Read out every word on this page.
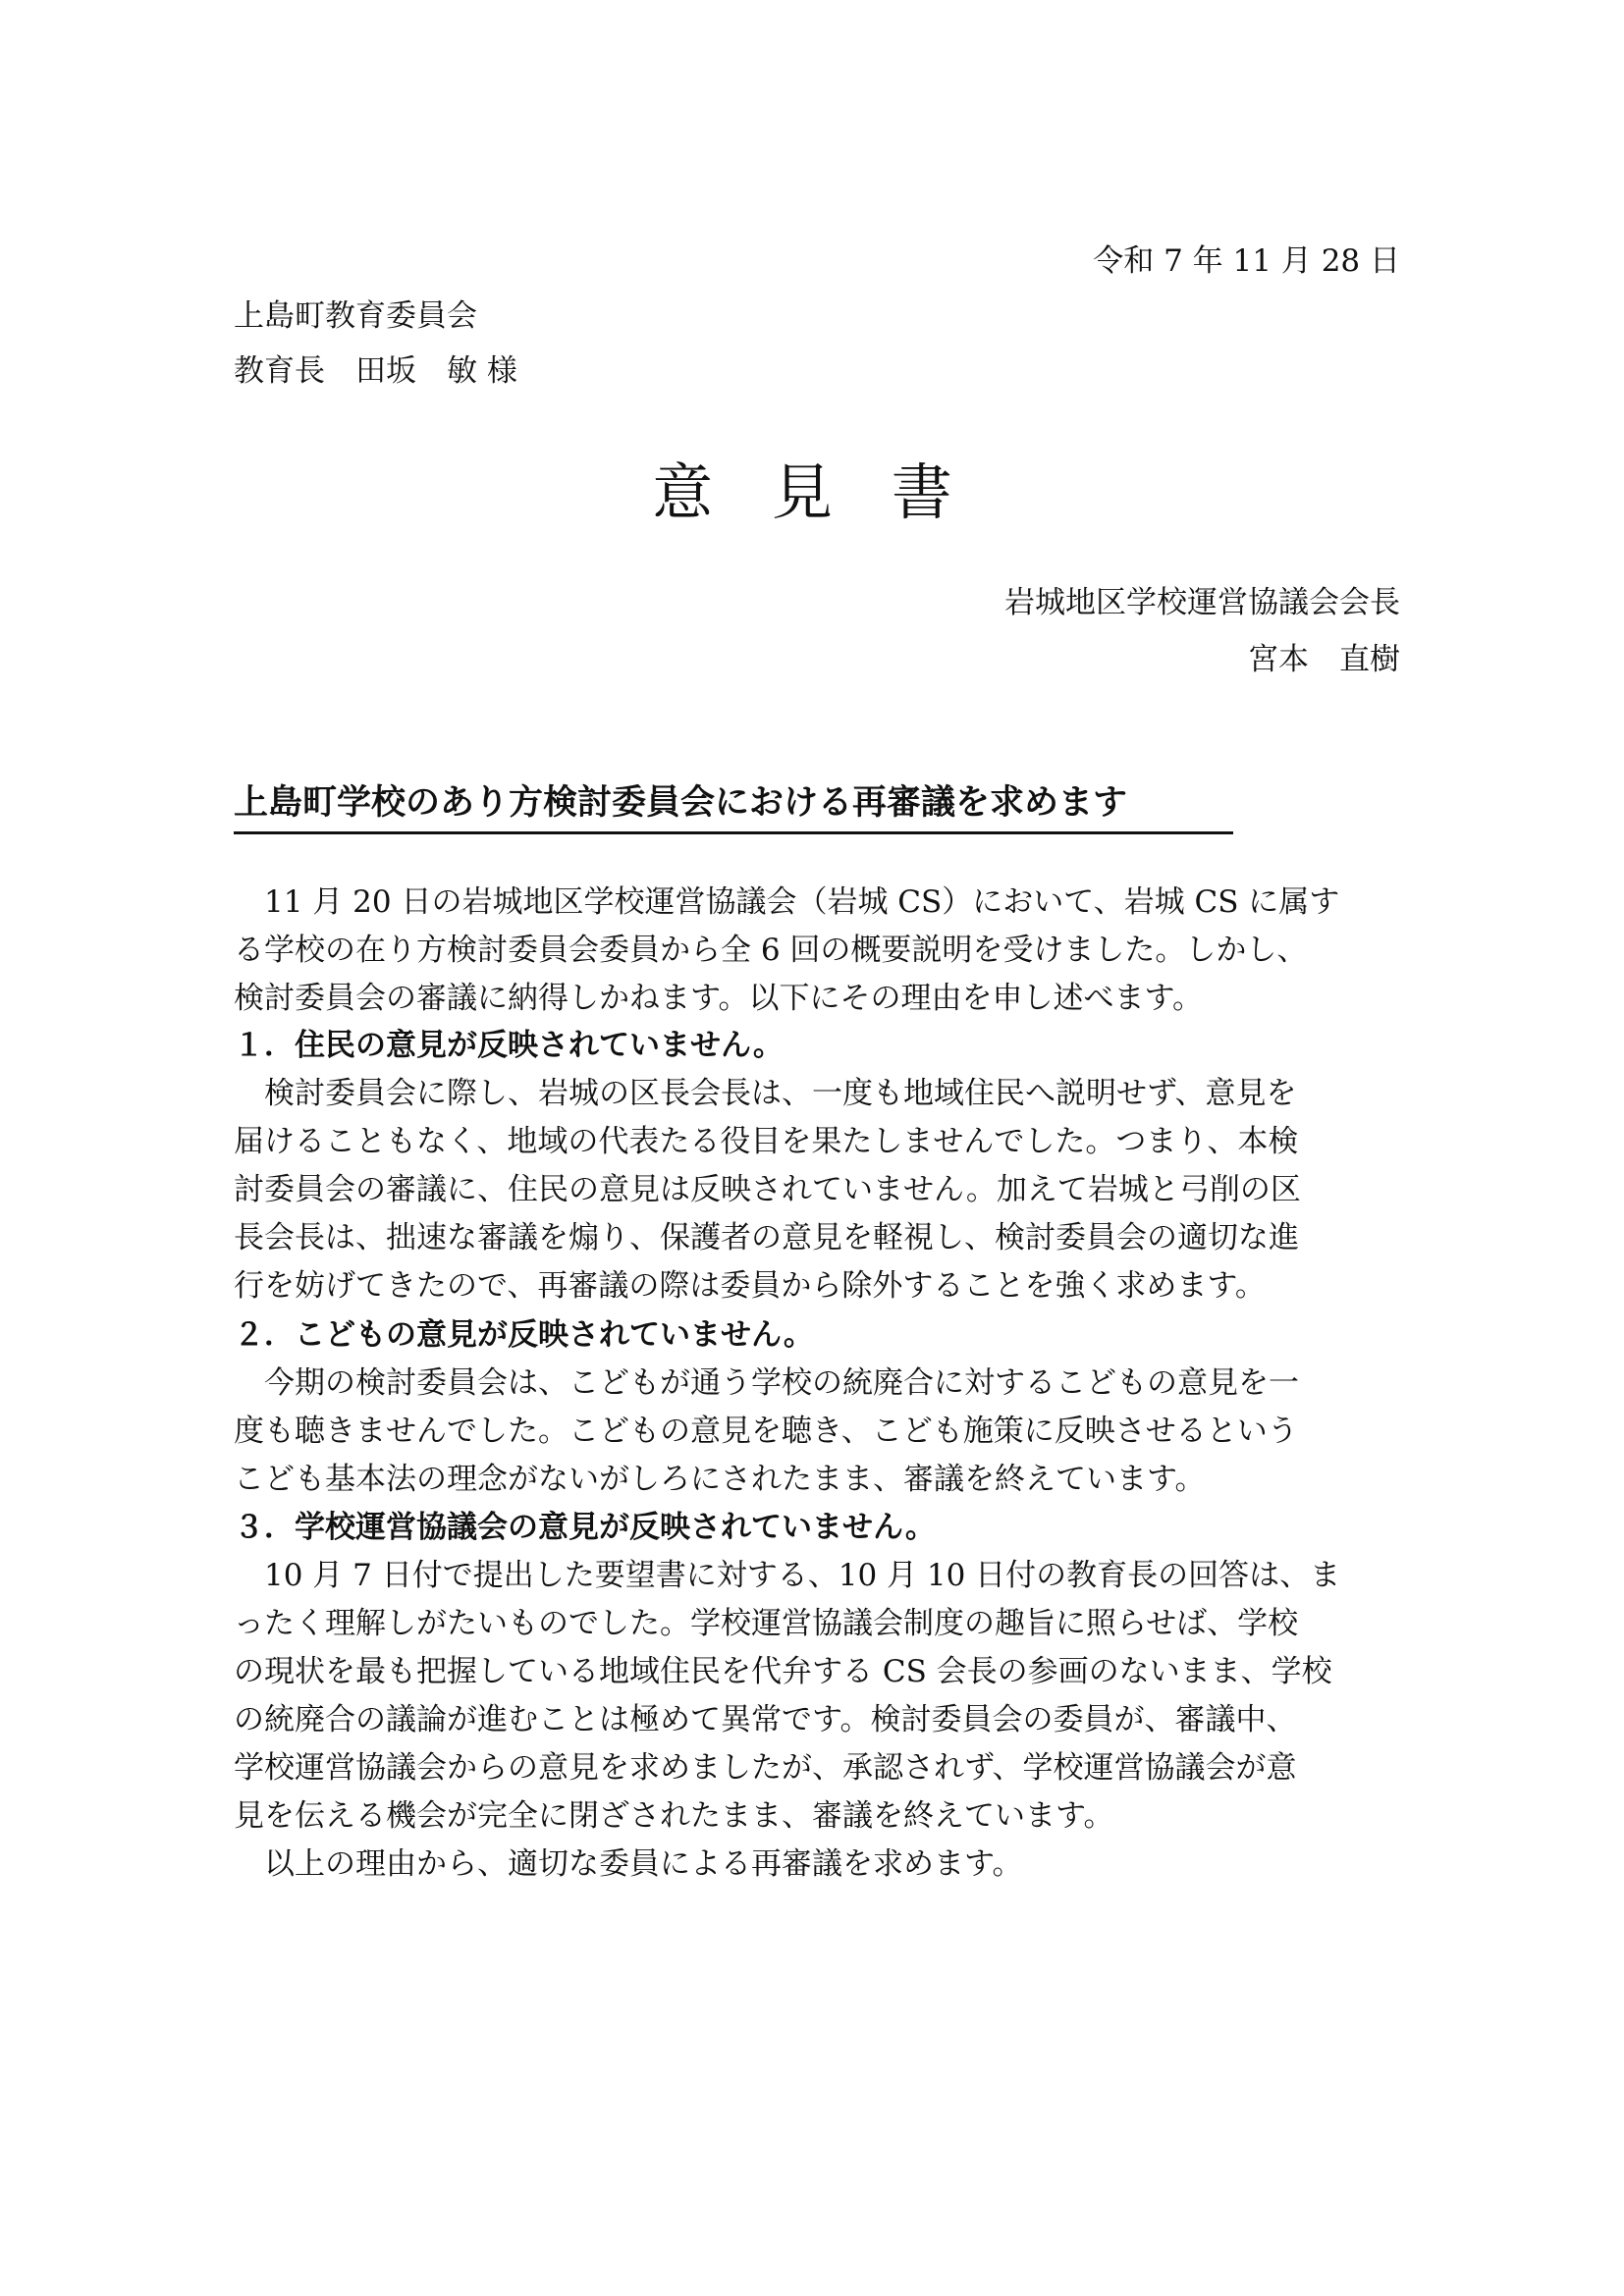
令和 7 年 11 月 28 日
上島町教育委員会
教育長　田坂　敏 様
意 見 書
岩城地区学校運営協議会会長
宮本　直樹
上島町学校のあり方検討委員会における再審議を求めます
　11 月 20 日の岩城地区学校運営協議会（岩城 CS）において、岩城 CS に属す
る学校の在り方検討委員会委員から全 6 回の概要説明を受けました。しかし、
検討委員会の審議に納得しかねます。以下にその理由を申し述べます。
１．住民の意見が反映されていません。
　検討委員会に際し、岩城の区長会長は、一度も地域住民へ説明せず、意見を
届けることもなく、地域の代表たる役目を果たしませんでした。つまり、本検
討委員会の審議に、住民の意見は反映されていません。加えて岩城と弓削の区
長会長は、拙速な審議を煽り、保護者の意見を軽視し、検討委員会の適切な進
行を妨げてきたので、再審議の際は委員から除外することを強く求めます。
２．こどもの意見が反映されていません。
　今期の検討委員会は、こどもが通う学校の統廃合に対するこどもの意見を一
度も聴きませんでした。こどもの意見を聴き、こども施策に反映させるという
こども基本法の理念がないがしろにされたまま、審議を終えています。
３．学校運営協議会の意見が反映されていません。
　10 月 7 日付で提出した要望書に対する、10 月 10 日付の教育長の回答は、ま
ったく理解しがたいものでした。学校運営協議会制度の趣旨に照らせば、学校
の現状を最も把握している地域住民を代弁する CS 会長の参画のないまま、学校
の統廃合の議論が進むことは極めて異常です。検討委員会の委員が、審議中、
学校運営協議会からの意見を求めましたが、承認されず、学校運営協議会が意
見を伝える機会が完全に閉ざされたまま、審議を終えています。
　以上の理由から、適切な委員による再審議を求めます。
